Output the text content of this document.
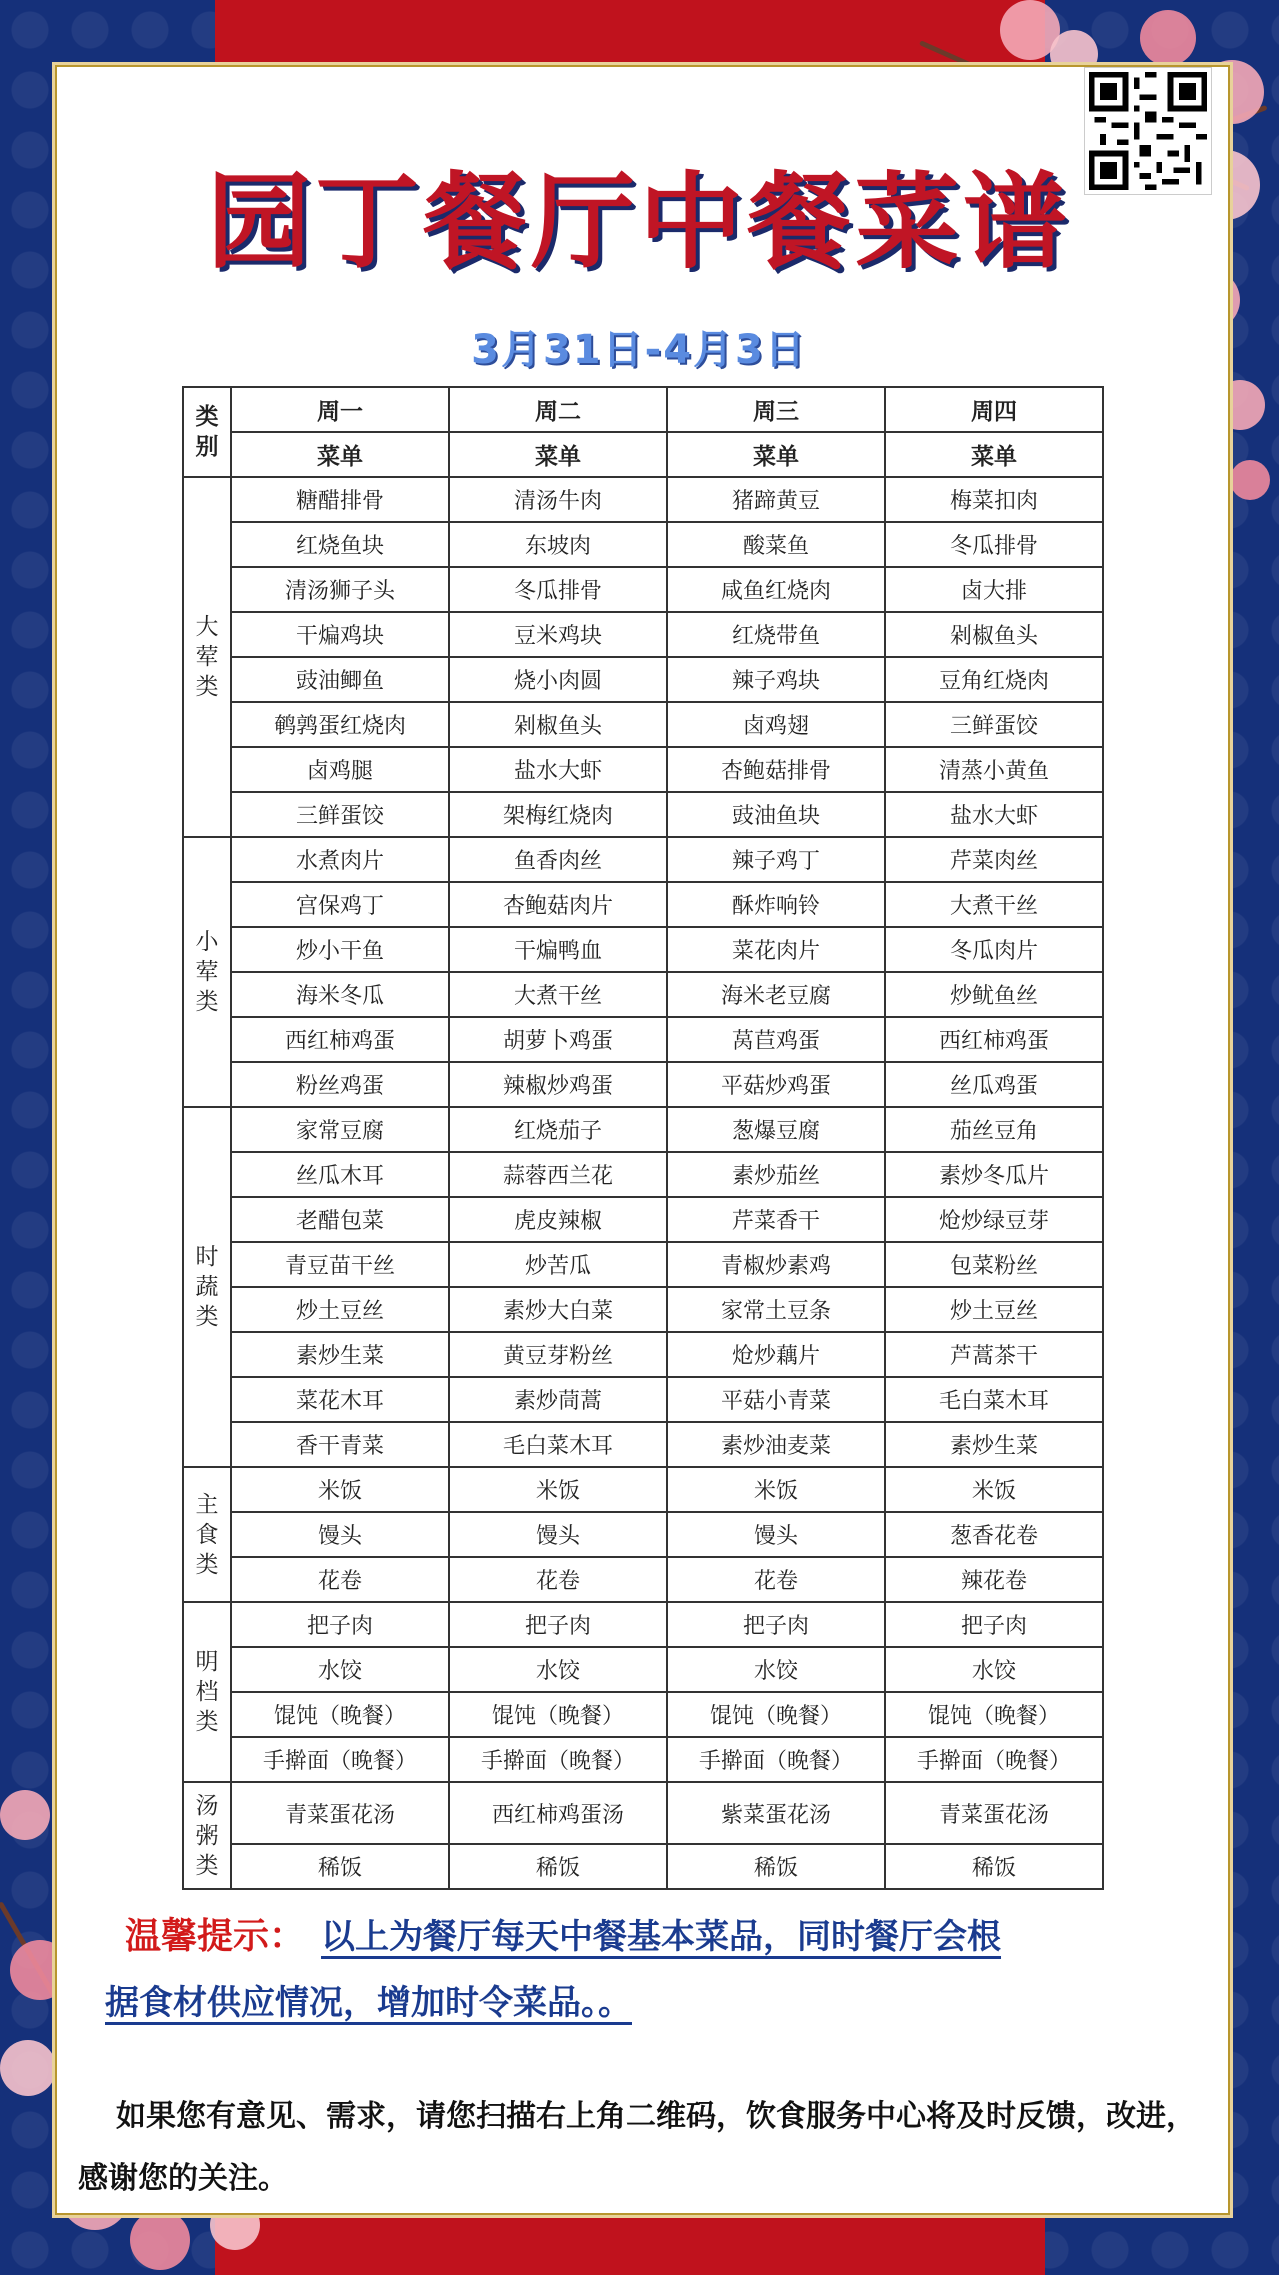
园丁餐厅中餐菜谱
3月31日-4月3日
类
别	周一	周二	周三	周四
	菜单	菜单	菜单	菜单

大
荤
类	糖醋排骨	清汤牛肉	猪蹄黄豆	梅菜扣肉
	红烧鱼块	东坡肉	酸菜鱼	冬瓜排骨
	清汤狮子头	冬瓜排骨	咸鱼红烧肉	卤大排
	干煸鸡块	豆米鸡块	红烧带鱼	剁椒鱼头
	豉油鲫鱼	烧小肉圆	辣子鸡块	豆角红烧肉
	鹌鹑蛋红烧肉	剁椒鱼头	卤鸡翅	三鲜蛋饺
	卤鸡腿	盐水大虾	杏鲍菇排骨	清蒸小黄鱼
	三鲜蛋饺	架梅红烧肉	豉油鱼块	盐水大虾

小
荤
类	水煮肉片	鱼香肉丝	辣子鸡丁	芹菜肉丝
	宫保鸡丁	杏鲍菇肉片	酥炸响铃	大煮干丝
	炒小干鱼	干煸鸭血	菜花肉片	冬瓜肉片
	海米冬瓜	大煮干丝	海米老豆腐	炒鱿鱼丝
	西红柿鸡蛋	胡萝卜鸡蛋	莴苣鸡蛋	西红柿鸡蛋
	粉丝鸡蛋	辣椒炒鸡蛋	平菇炒鸡蛋	丝瓜鸡蛋

时
蔬
类	家常豆腐	红烧茄子	葱爆豆腐	茄丝豆角
	丝瓜木耳	蒜蓉西兰花	素炒茄丝	素炒冬瓜片
	老醋包菜	虎皮辣椒	芹菜香干	炝炒绿豆芽
	青豆苗干丝	炒苦瓜	青椒炒素鸡	包菜粉丝
	炒土豆丝	素炒大白菜	家常土豆条	炒土豆丝
	素炒生菜	黄豆芽粉丝	炝炒藕片	芦蒿茶干
	菜花木耳	素炒茼蒿	平菇小青菜	毛白菜木耳
	香干青菜	毛白菜木耳	素炒油麦菜	素炒生菜

主
食
类	米饭	米饭	米饭	米饭
	馒头	馒头	馒头	葱香花卷
	花卷	花卷	花卷	辣花卷

明
档
类	把子肉	把子肉	把子肉	把子肉
	水饺	水饺	水饺	水饺
	馄饨（晚餐）	馄饨（晚餐）	馄饨（晚餐）	馄饨（晚餐）
	手擀面（晚餐）	手擀面（晚餐）	手擀面（晚餐）	手擀面（晚餐）

汤
粥
类	青菜蛋花汤	西红柿鸡蛋汤	紫菜蛋花汤	青菜蛋花汤
	稀饭	稀饭	稀饭	稀饭
温馨提示： 以上为餐厅每天中餐基本菜品，同时餐厅会根
据食材供应情况，增加时令菜品。。
如果您有意见、需求，请您扫描右上角二维码，饮食服务中心将及时反馈，改进，感谢您的关注。
